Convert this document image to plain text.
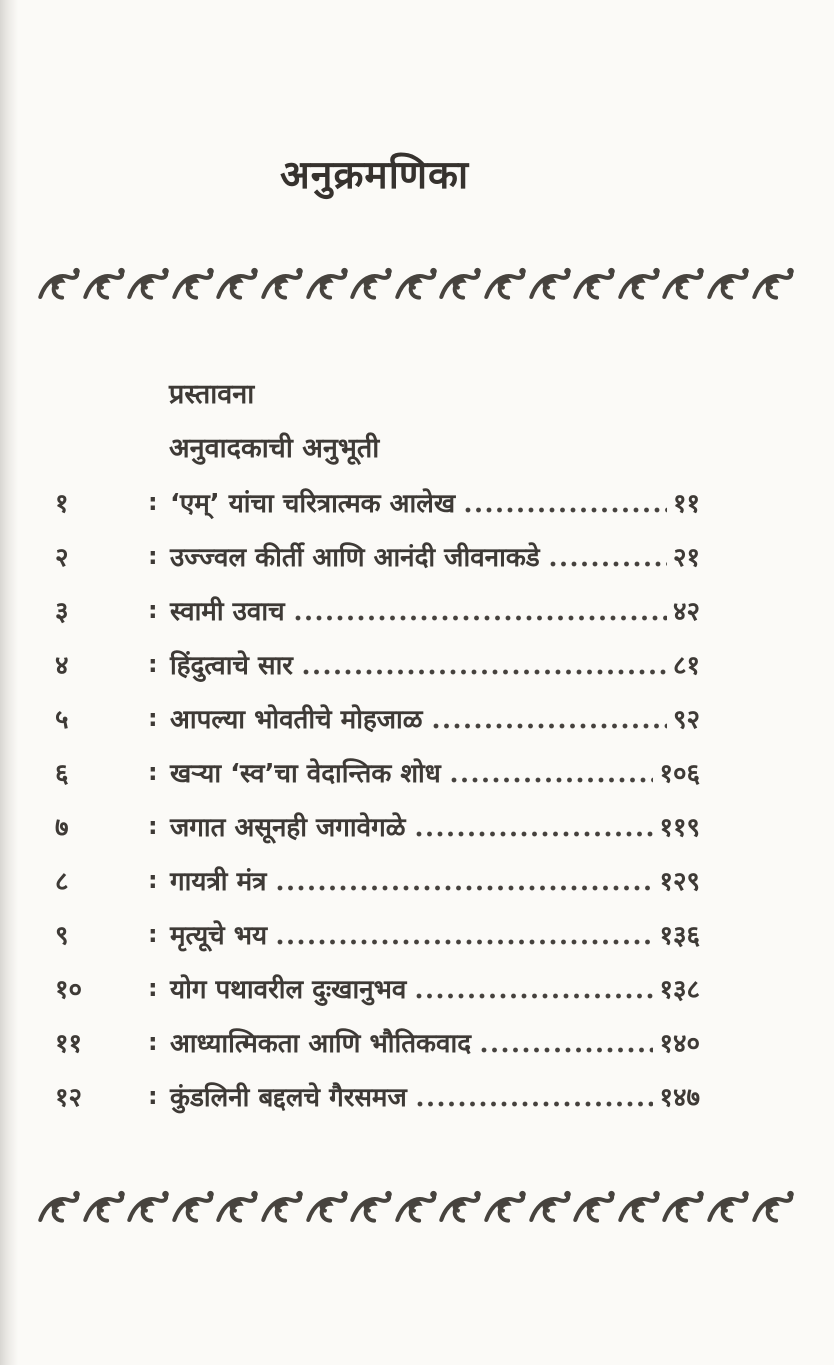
अनुक्रमणिका
प्रस्तावना
अनुवादकाची अनुभूती
१	: ‘एम्’ यांचा चरित्रात्मक आलेख	११
२	: उज्ज्वल कीर्ती आणि आनंदी जीवनाकडे	२१
३	: स्वामी उवाच	४२
४	: हिंदुत्वाचे सार	८१
५	: आपल्या भोवतीचे मोहजाळ	९२
६	: खऱ्या ‘स्व’चा वेदान्तिक शोध	१०६
७	: जगात असूनही जगावेगळे	११९
८	: गायत्री मंत्र	१२९
९	: मृत्यूचे भय	१३६
१०	: योग पथावरील दुःखानुभव	१३८
११	: आध्यात्मिकता आणि भौतिकवाद	१४०
१२	: कुंडलिनी बद्दलचे गैरसमज	१४७
